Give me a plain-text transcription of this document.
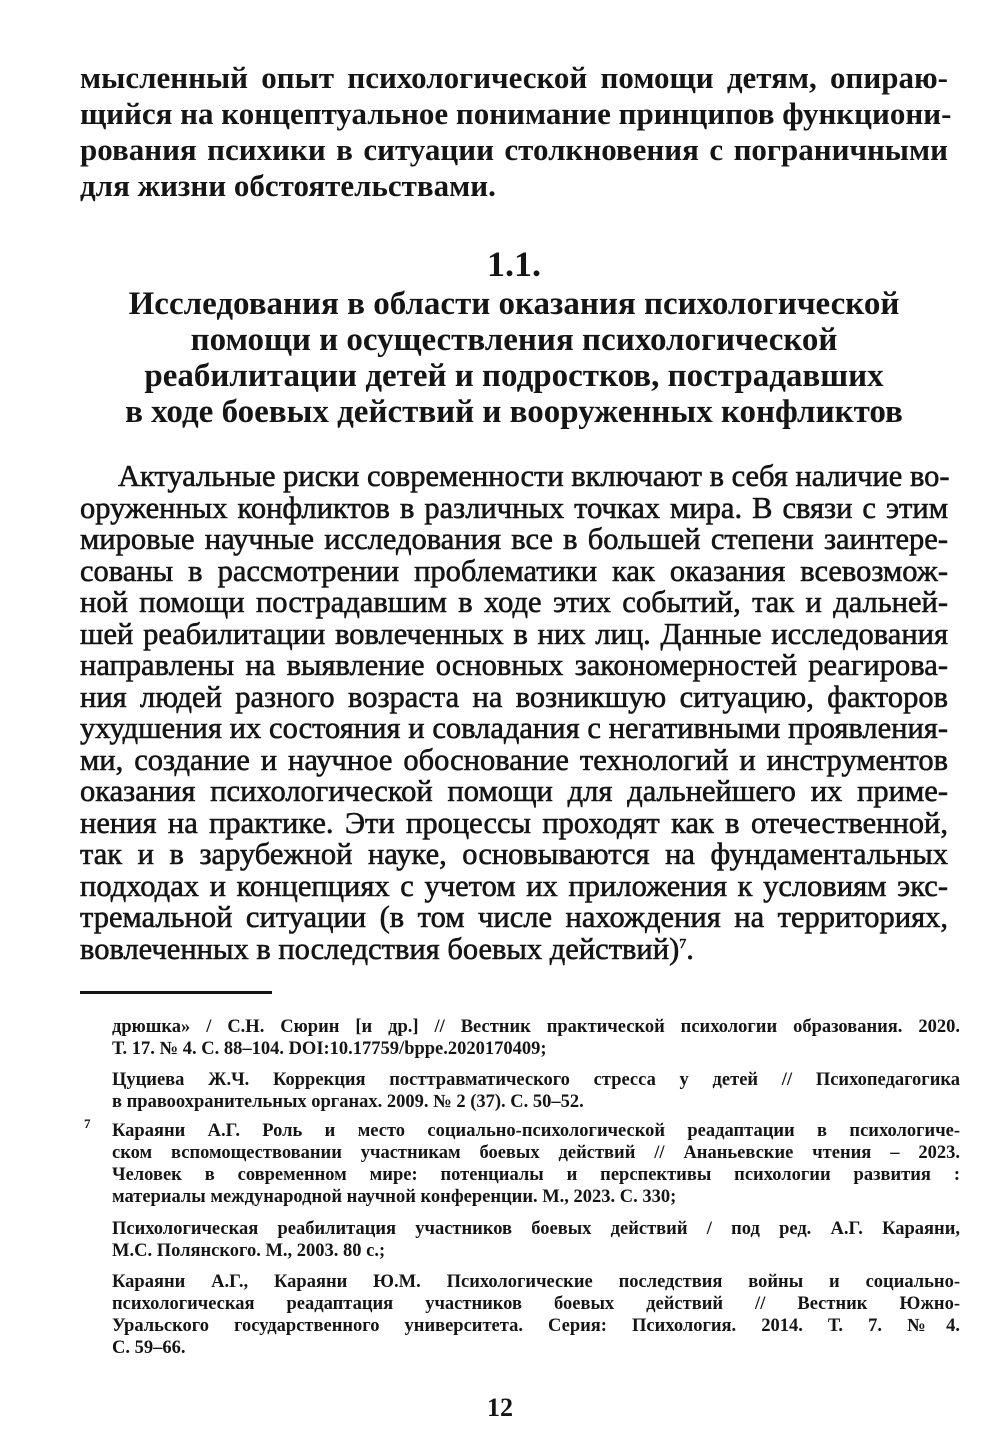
мысленный опыт психологической помощи детям, опираю-
щийся на концептуальное понимание принципов функциони-
рования психики в ситуации столкновения с пограничными
для жизни обстоятельствами.
1.1.
Исследования в области оказания психологической
помощи и осуществления психологической
реабилитации детей и подростков, пострадавших
в ходе боевых действий и вооруженных конфликтов
Актуальные риски современности включают в себя наличие во-
оруженных конфликтов в различных точках мира. В связи с этим
мировые научные исследования все в большей степени заинтере-
сованы в рассмотрении проблематики как оказания всевозмож-
ной помощи пострадавшим в ходе этих событий, так и дальней-
шей реабилитации вовлеченных в них лиц. Данные исследования
направлены на выявление основных закономерностей реагирова-
ния людей разного возраста на возникшую ситуацию, факторов
ухудшения их состояния и совладания с негативными проявления-
ми, создание и научное обоснование технологий и инструментов
оказания психологической помощи для дальнейшего их приме-
нения на практике. Эти процессы проходят как в отечественной,
так и в зарубежной науке, основываются на фундаментальных
подходах и концепциях с учетом их приложения к условиям экс-
тремальной ситуации (в том числе нахождения на территориях,
вовлеченных в последствия боевых действий)$^7$.
дрюшка» / С.Н. Сюрин [и др.] // Вестник практической психологии образования. 2020.
Т. 17. № 4. С. 88–104. DOI:10.17759/bppe.2020170409;
Цуциева Ж.Ч. Коррекция посттравматического стресса у детей // Психопедагогика
в правоохранительных органах. 2009. № 2 (37). С. 50–52.
7 Караяни А.Г. Роль и место социально-психологической реадаптации в психологиче-
ском вспомоществовании участникам боевых действий // Ананьевские чтения – 2023.
Человек в современном мире: потенциалы и перспективы психологии развития :
материалы международной научной конференции. М., 2023. С. 330;
Психологическая реабилитация участников боевых действий / под ред. А.Г. Караяни,
М.С. Полянского. М., 2003. 80 с.;
Караяни А.Г., Караяни Ю.М. Психологические последствия войны и социально-
психологическая реадаптация участников боевых действий // Вестник Южно-
Уральского государственного университета. Серия: Психология. 2014. Т. 7. №4.
С. 59–66.
12
